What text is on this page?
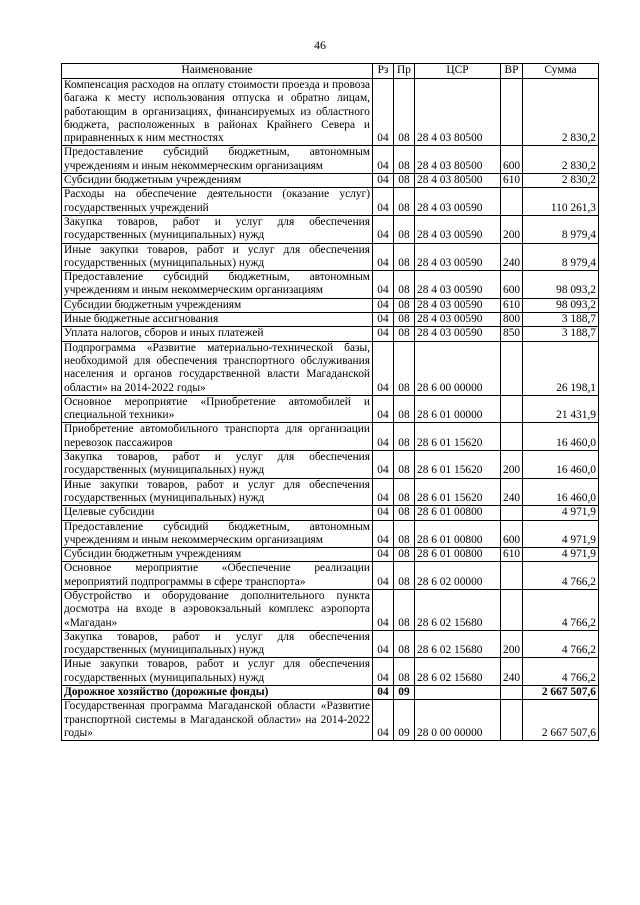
46
Наименование	Рз	Пр	ЦСР	ВР	Сумма
Компенсация расходов на оплату стоимости проезда и провоза багажа к месту использования отпуска и обратно лицам, работающим в организациях, финансируемых из областного бюджета, расположенных в районах Крайнего Севера и приравненных к ним местностях	04	08	28 4 03 80500		2 830,2
Предоставление субсидий бюджетным, автономным учреждениям и иным некоммерческим организациям	04	08	28 4 03 80500	600	2 830,2
Субсидии бюджетным учреждениям	04	08	28 4 03 80500	610	2 830,2
Расходы на обеспечение деятельности (оказание услуг) государственных учреждений	04	08	28 4 03 00590		110 261,3
Закупка товаров, работ и услуг для обеспечения государственных (муниципальных) нужд	04	08	28 4 03 00590	200	8 979,4
Иные закупки товаров, работ и услуг для обеспечения государственных (муниципальных) нужд	04	08	28 4 03 00590	240	8 979,4
Предоставление субсидий бюджетным, автономным учреждениям и иным некоммерческим организациям	04	08	28 4 03 00590	600	98 093,2
Субсидии бюджетным учреждениям	04	08	28 4 03 00590	610	98 093,2
Иные бюджетные ассигнования	04	08	28 4 03 00590	800	3 188,7
Уплата налогов, сборов и иных платежей	04	08	28 4 03 00590	850	3 188,7
Подпрограмма «Развитие материально-технической базы, необходимой для обеспечения транспортного обслуживания населения и органов государственной власти Магаданской области» на 2014-2022 годы»	04	08	28 6 00 00000		26 198,1
Основное мероприятие «Приобретение автомобилей и специальной техники»	04	08	28 6 01 00000		21 431,9
Приобретение автомобильного транспорта для организации перевозок пассажиров	04	08	28 6 01 15620		16 460,0
Закупка товаров, работ и услуг для обеспечения государственных (муниципальных) нужд	04	08	28 6 01 15620	200	16 460,0
Иные закупки товаров, работ и услуг для обеспечения государственных (муниципальных) нужд	04	08	28 6 01 15620	240	16 460,0
Целевые субсидии	04	08	28 6 01 00800		4 971,9
Предоставление субсидий бюджетным, автономным учреждениям и иным некоммерческим организациям	04	08	28 6 01 00800	600	4 971,9
Субсидии бюджетным учреждениям	04	08	28 6 01 00800	610	4 971,9
Основное мероприятие «Обеспечение реализации мероприятий подпрограммы в сфере транспорта»	04	08	28 6 02 00000		4 766,2
Обустройство и оборудование дополнительного пункта досмотра на входе в аэровокзальный комплекс аэропорта «Магадан»	04	08	28 6 02 15680		4 766,2
Закупка товаров, работ и услуг для обеспечения государственных (муниципальных) нужд	04	08	28 6 02 15680	200	4 766,2
Иные закупки товаров, работ и услуг для обеспечения государственных (муниципальных) нужд	04	08	28 6 02 15680	240	4 766,2
Дорожное хозяйство (дорожные фонды)	04	09			2 667 507,6
Государственная программа Магаданской области «Развитие транспортной системы в Магаданской области» на 2014-2022 годы»	04	09	28 0 00 00000		2 667 507,6
